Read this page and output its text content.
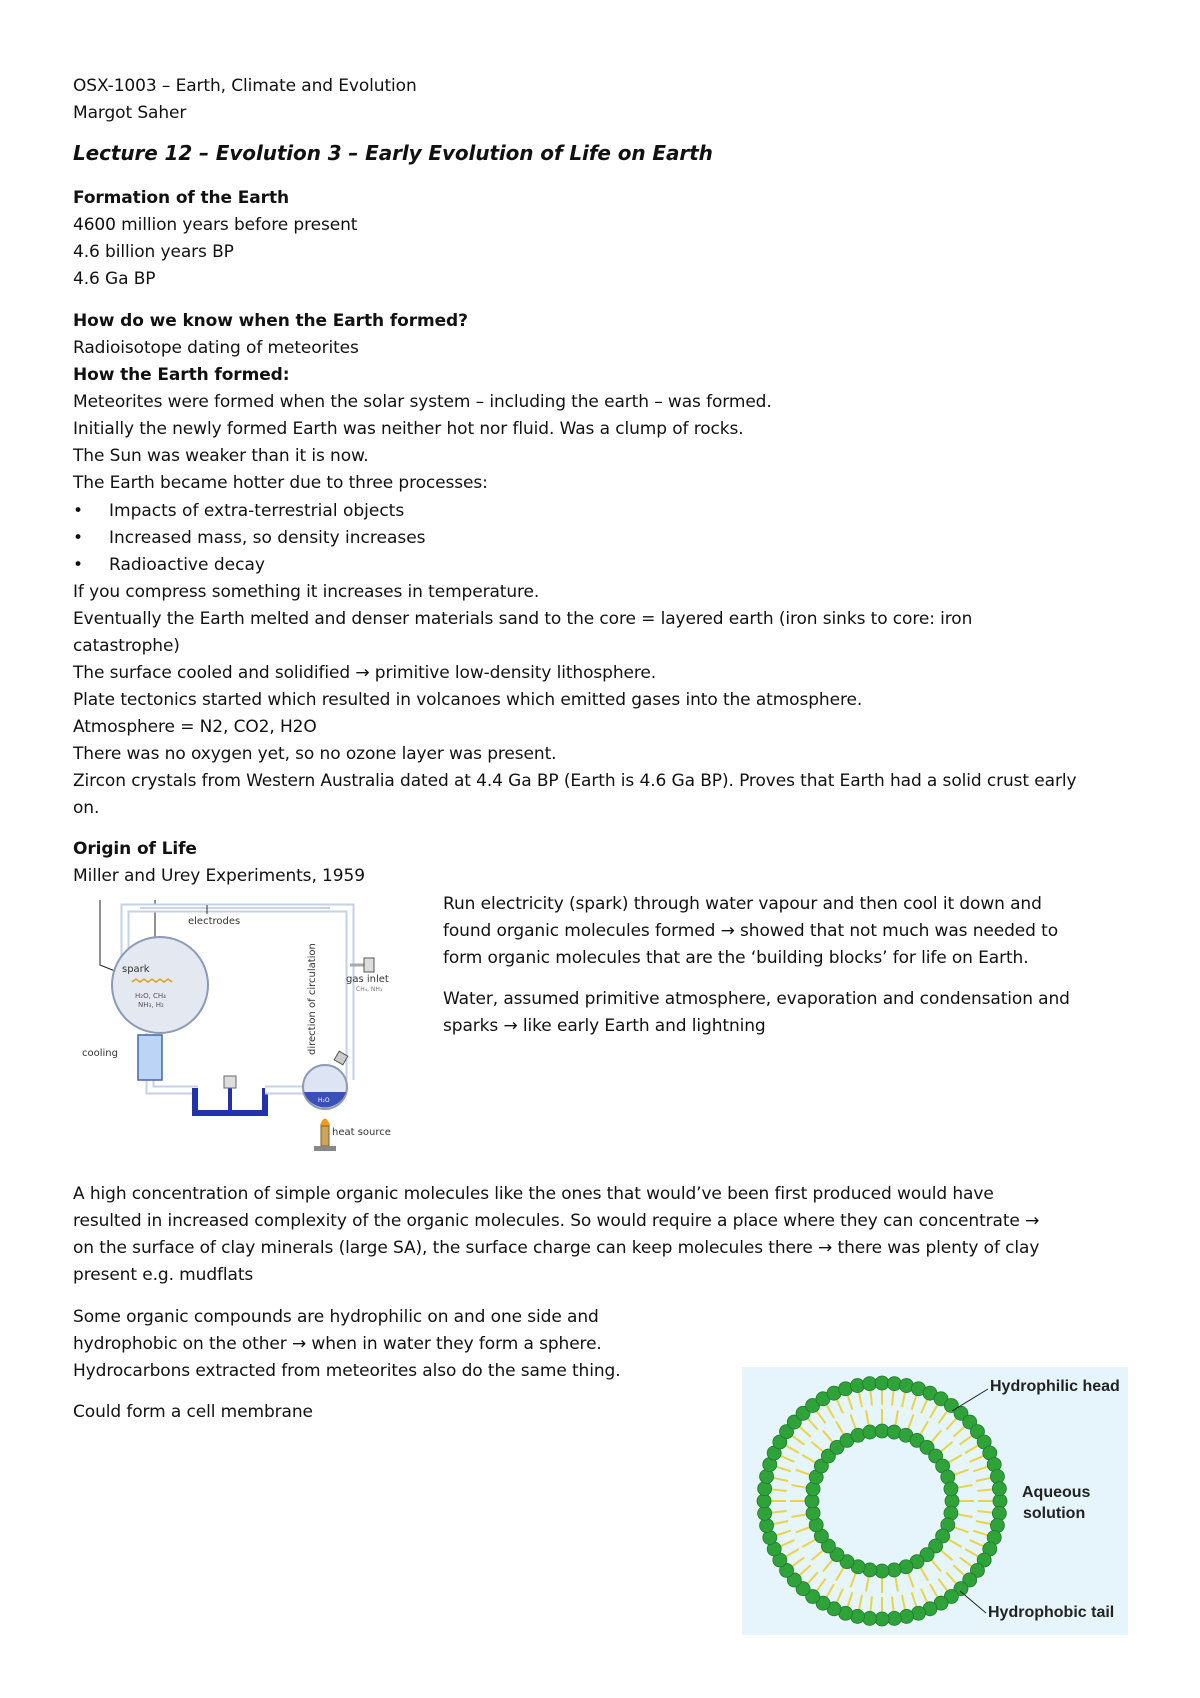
OSX-1003 – Earth, Climate and Evolution
Margot Saher
Lecture 12 – Evolution 3 – Early Evolution of Life on Earth
Formation of the Earth
4600 million years before present
4.6 billion years BP
4.6 Ga BP
How do we know when the Earth formed?
Radioisotope dating of meteorites
How the Earth formed:
Meteorites were formed when the solar system – including the earth – was formed.
Initially the newly formed Earth was neither hot nor fluid. Was a clump of rocks.
The Sun was weaker than it is now.
The Earth became hotter due to three processes:
• Impacts of extra-terrestrial objects
• Increased mass, so density increases
• Radioactive decay
If you compress something it increases in temperature.
Eventually the Earth melted and denser materials sand to the core = layered earth (iron sinks to core: iron
catastrophe)
The surface cooled and solidified → primitive low-density lithosphere.
Plate tectonics started which resulted in volcanoes which emitted gases into the atmosphere.
Atmosphere = N2, CO2, H2O
There was no oxygen yet, so no ozone layer was present.
Zircon crystals from Western Australia dated at 4.4 Ga BP (Earth is 4.6 Ga BP). Proves that Earth had a solid crust early
on.
Origin of Life
Miller and Urey Experiments, 1959
spark
H₂O, CH₄
NH₃, H₂
electrodes
cooling
H₂O
gas inlet
CH₄, NH₃
direction of circulation
heat source
Run electricity (spark) through water vapour and then cool it down and
found organic molecules formed → showed that not much was needed to
form organic molecules that are the ‘building blocks’ for life on Earth.
Water, assumed primitive atmosphere, evaporation and condensation and
sparks → like early Earth and lightning
A high concentration of simple organic molecules like the ones that would’ve been first produced would have
resulted in increased complexity of the organic molecules. So would require a place where they can concentrate →
on the surface of clay minerals (large SA), the surface charge can keep molecules there → there was plenty of clay
present e.g. mudflats
Some organic compounds are hydrophilic on and one side and
hydrophobic on the other → when in water they form a sphere.
Hydrocarbons extracted from meteorites also do the same thing.
Could form a cell membrane
Hydrophilic head
Aqueous
solution
Hydrophobic tail
